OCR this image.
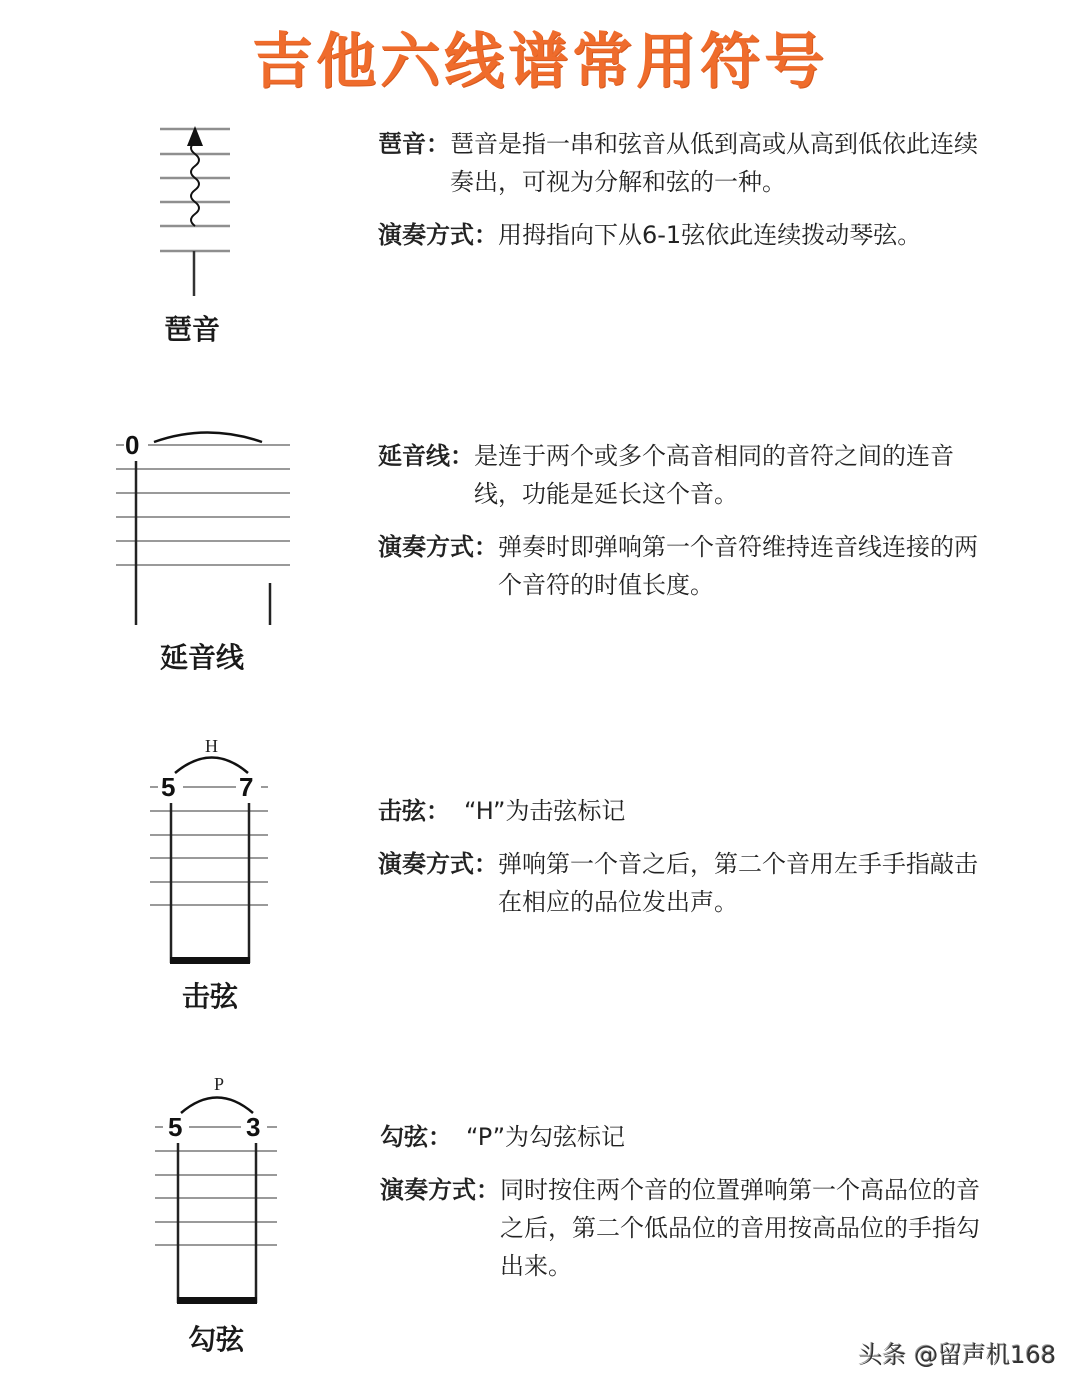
吉他六线谱常用符号
琶音
琶音： 琶音是指一串和弦音从低到高或从高到低依此连续奏出，可视为分解和弦的一种。
演奏方式： 用拇指向下从6-1弦依此连续拨动琴弦。
0
延音线
延音线： 是连于两个或多个高音相同的音符之间的连音线，功能是延长这个音。
演奏方式： 弹奏时即弹响第一个音符维持连音线连接的两个音符的时值长度。
H
5 7
击弦
击弦： “H”为击弦标记
演奏方式： 弹响第一个音之后，第二个音用左手手指敲击在相应的品位发出声。
P
5 3
勾弦
勾弦： “P”为勾弦标记
演奏方式： 同时按住两个音的位置弹响第一个高品位的音之后，第二个低品位的音用按高品位的手指勾出来。
头条 @留声机168
